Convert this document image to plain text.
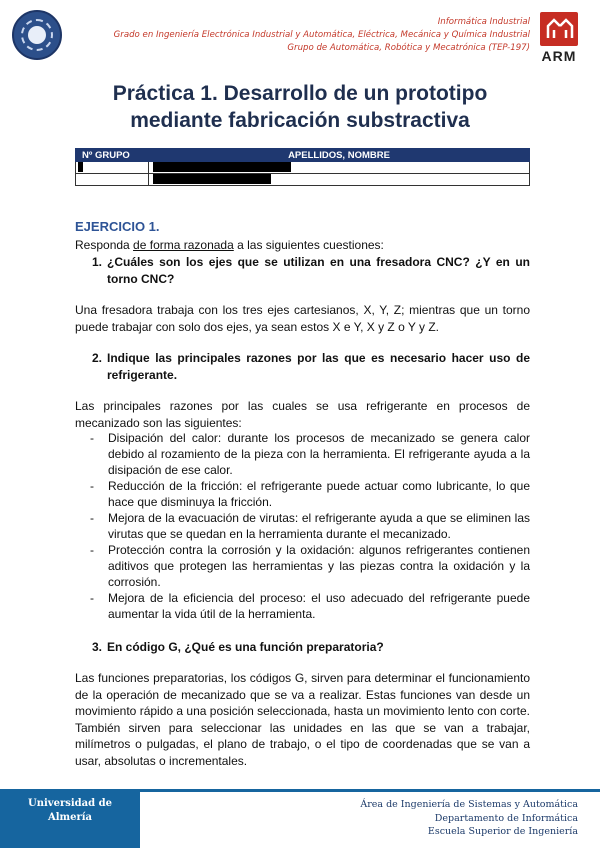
Informática Industrial
Grado en Ingeniería Electrónica Industrial y Automática, Eléctrica, Mecánica y Química Industrial
Grupo de Automática, Robótica y Mecatrónica (TEP-197) ARM
Práctica 1. Desarrollo de un prototipo
mediante fabricación substractiva
Nº GRUPO	APELLIDOS, NOMBRE

EJERCICIO 1.
Responda de forma razonada a las siguientes cuestiones:
1. ¿Cuáles son los ejes que se utilizan en una fresadora CNC? ¿Y en un torno CNC?
Una fresadora trabaja con los tres ejes cartesianos, X, Y, Z; mientras que un torno puede trabajar con solo dos ejes, ya sean estos X e Y, X y Z o Y y Z.
2. Indique las principales razones por las que es necesario hacer uso de refrigerante.
Las principales razones por las cuales se usa refrigerante en procesos de mecanizado son las siguientes:

- Disipación del calor: durante los procesos de mecanizado se genera calor debido al rozamiento de la pieza con la herramienta. El refrigerante ayuda a la disipación de ese calor.

- Reducción de la fricción: el refrigerante puede actuar como lubricante, lo que hace que disminuya la fricción.

- Mejora de la evacuación de virutas: el refrigerante ayuda a que se eliminen las virutas que se quedan en la herramienta durante el mecanizado.

- Protección contra la corrosión y la oxidación: algunos refrigerantes contienen aditivos que protegen las herramientas y las piezas contra la oxidación y la corrosión.

- Mejora de la eficiencia del proceso: el uso adecuado del refrigerante puede aumentar la vida útil de la herramienta.

3. En código G, ¿Qué es una función preparatoria?
Las funciones preparatorias, los códigos G, sirven para determinar el funcionamiento de la operación de mecanizado que se va a realizar. Estas funciones van desde un movimiento rápido a una posición seleccionada, hasta un movimiento lento con corte. También sirven para seleccionar las unidades en las que se van a trabajar, milímetros o pulgadas, el plano de trabajo, o el tipo de coordenadas que se van a usar, absolutas o incrementales.
Universidad de
Almería
Área de Ingeniería de Sistemas y Automática
Departamento de Informática
Escuela Superior de Ingeniería
